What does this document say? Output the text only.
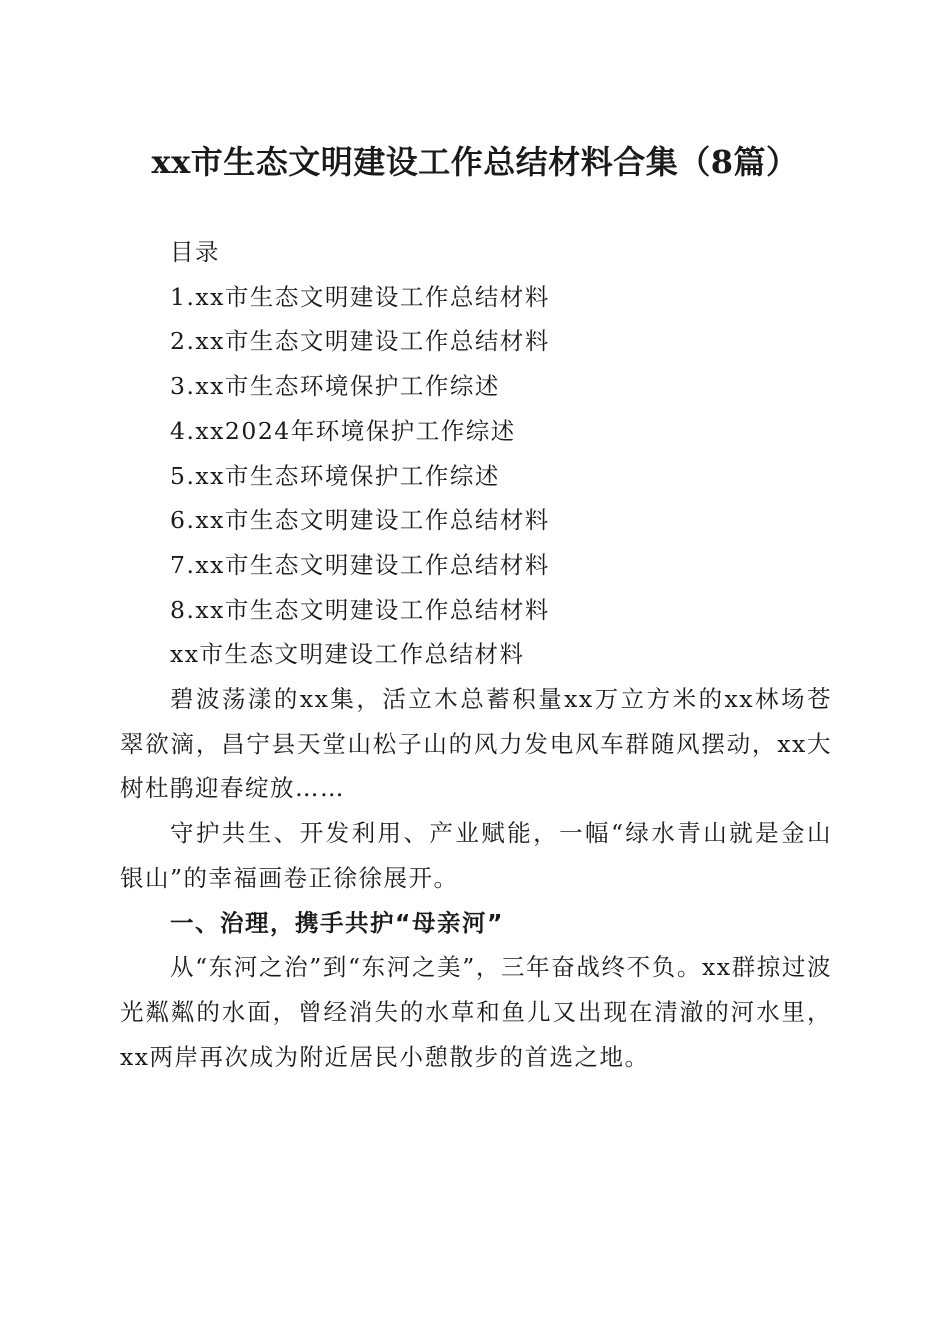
xx市生态文明建设工作总结材料合集（8篇）

目录

1.xx市生态文明建设工作总结材料

2.xx市生态文明建设工作总结材料

3.xx市生态环境保护工作综述

4.xx2024年环境保护工作综述

5.xx市生态环境保护工作综述

6.xx市生态文明建设工作总结材料

7.xx市生态文明建设工作总结材料

8.xx市生态文明建设工作总结材料

xx市生态文明建设工作总结材料

碧波荡漾的xx集，活立木总蓄积量xx万立方米的xx林场苍翠欲滴，昌宁县天堂山松子山的风力发电风车群随风摆动，xx大树杜鹃迎春绽放……

守护共生、开发利用、产业赋能，一幅“绿水青山就是金山银山”的幸福画卷正徐徐展开。

一、治理，携手共护“母亲河”

从“东河之治”到“东河之美”，三年奋战终不负。xx群掠过波光粼粼的水面，曾经消失的水草和鱼儿又出现在清澈的河水里，xx两岸再次成为附近居民小憩散步的首选之地。
